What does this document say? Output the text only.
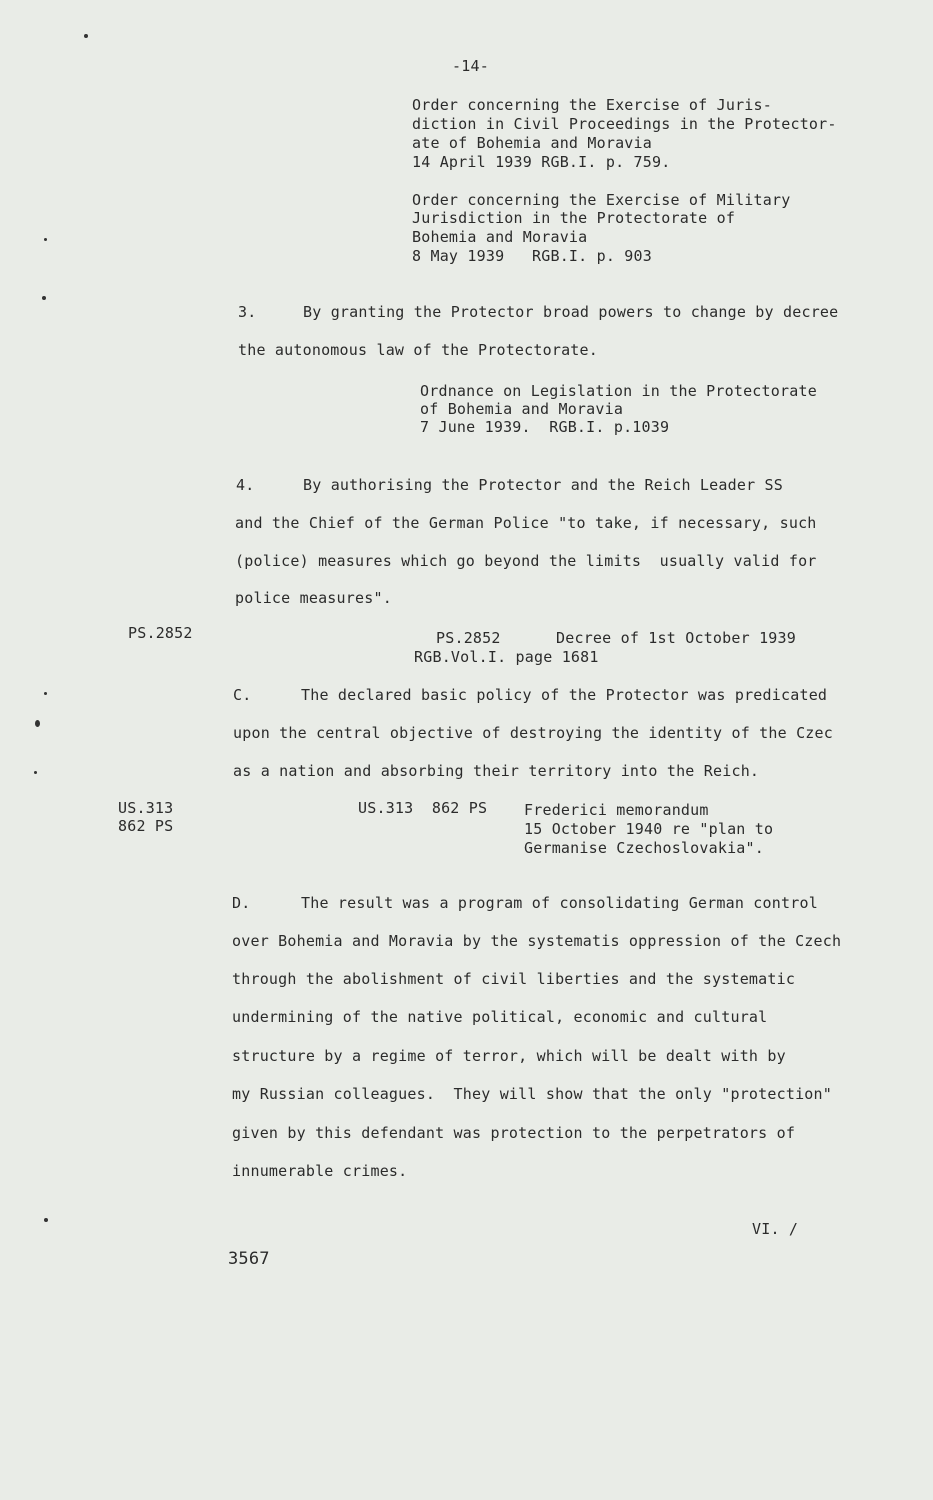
-14-
Order concerning the Exercise of Juris-
diction in Civil Proceedings in the Protector-
ate of Bohemia and Moravia
14 April 1939 RGB.I. p. 759.
Order concerning the Exercise of Military
Jurisdiction in the Protectorate of
Bohemia and Moravia
8 May 1939   RGB.I. p. 903
3.	By granting the Protector broad powers to change by decree
the autonomous law of the Protectorate.
Ordnance on Legislation in the Protectorate
of Bohemia and Moravia
7 June 1939.  RGB.I. p.1039
4.	By authorising the Protector and the Reich Leader SS
and the Chief of the German Police "to take, if necessary, such
(police) measures which go beyond the limits  usually valid for
police measures".
PS.2852	PS.2852      Decree of 1st October 1939
RGB.Vol.I. page 1681
C.	The declared basic policy of the Protector was predicated
upon the central objective of destroying the identity of the Czec
as a nation and absorbing their territory into the Reich.
US.313
862 PS
US.313  862 PS Frederici memorandum
15 October 1940 re "plan to
Germanise Czechoslovakia".
D.	The result was a program of consolidating German control
over Bohemia and Moravia by the systematis oppression of the Czech
through the abolishment of civil liberties and the systematic
undermining of the native political, economic and cultural
structure by a regime of terror, which will be dealt with by
my Russian colleagues.  They will show that the only "protection"
given by this defendant was protection to the perpetrators of
innumerable crimes.
VI. /
3567
